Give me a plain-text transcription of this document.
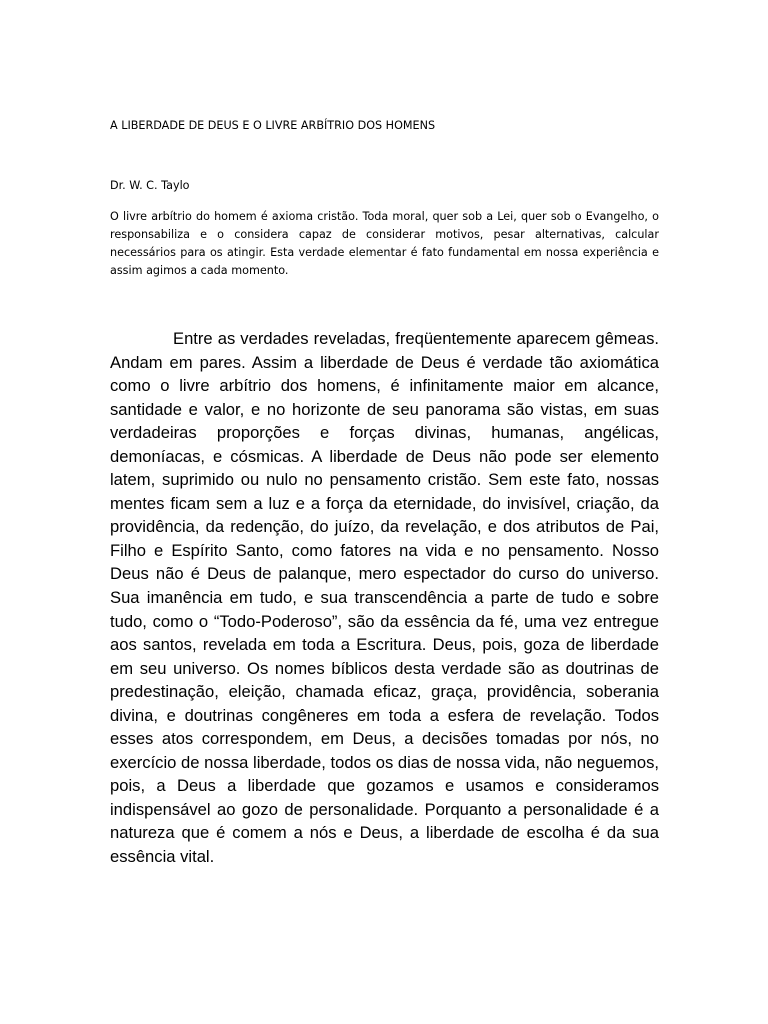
A LIBERDADE DE DEUS E O LIVRE ARBÍTRIO DOS HOMENS
Dr. W. C. Taylo

O livre arbítrio do homem é axioma cristão. Toda moral, quer sob a Lei, quer sob o Evangelho, o responsabiliza e o considera capaz de considerar motivos, pesar alternativas, calcular necessários para os atingir. Esta verdade elementar é fato fundamental em nossa experiência e assim agimos a cada momento.

Entre as verdades reveladas, freqüentemente aparecem gêmeas. Andam em pares. Assim a liberdade de Deus é verdade tão axiomática como o livre arbítrio dos homens, é infinitamente maior em alcance, santidade e valor, e no horizonte de seu panorama são vistas, em suas verdadeiras proporções e forças divinas, humanas, angélicas, demoníacas, e cósmicas. A liberdade de Deus não pode ser elemento latem, suprimido ou nulo no pensamento cristão. Sem este fato, nossas mentes ficam sem a luz e a força da eternidade, do invisível, criação, da providência, da redenção, do juízo, da revelação, e dos atributos de Pai, Filho e Espírito Santo, como fatores na vida e no pensamento. Nosso Deus não é Deus de palanque, mero espectador do curso do universo. Sua imanência em tudo, e sua transcendência a parte de tudo e sobre tudo, como o “Todo-Poderoso”, são da essência da fé, uma vez entregue aos santos, revelada em toda a Escritura. Deus, pois, goza de liberdade em seu universo. Os nomes bíblicos desta verdade são as doutrinas de predestinação, eleição, chamada eficaz, graça, providência, soberania divina, e doutrinas congêneres em toda a esfera de revelação. Todos esses atos correspondem, em Deus, a decisões tomadas por nós, no exercício de nossa liberdade, todos os dias de nossa vida, não neguemos, pois, a Deus a liberdade que gozamos e usamos e consideramos indispensável ao gozo de personalidade. Porquanto a personalidade é a natureza que é comem a nós e Deus, a liberdade de escolha é da sua essência vital.
